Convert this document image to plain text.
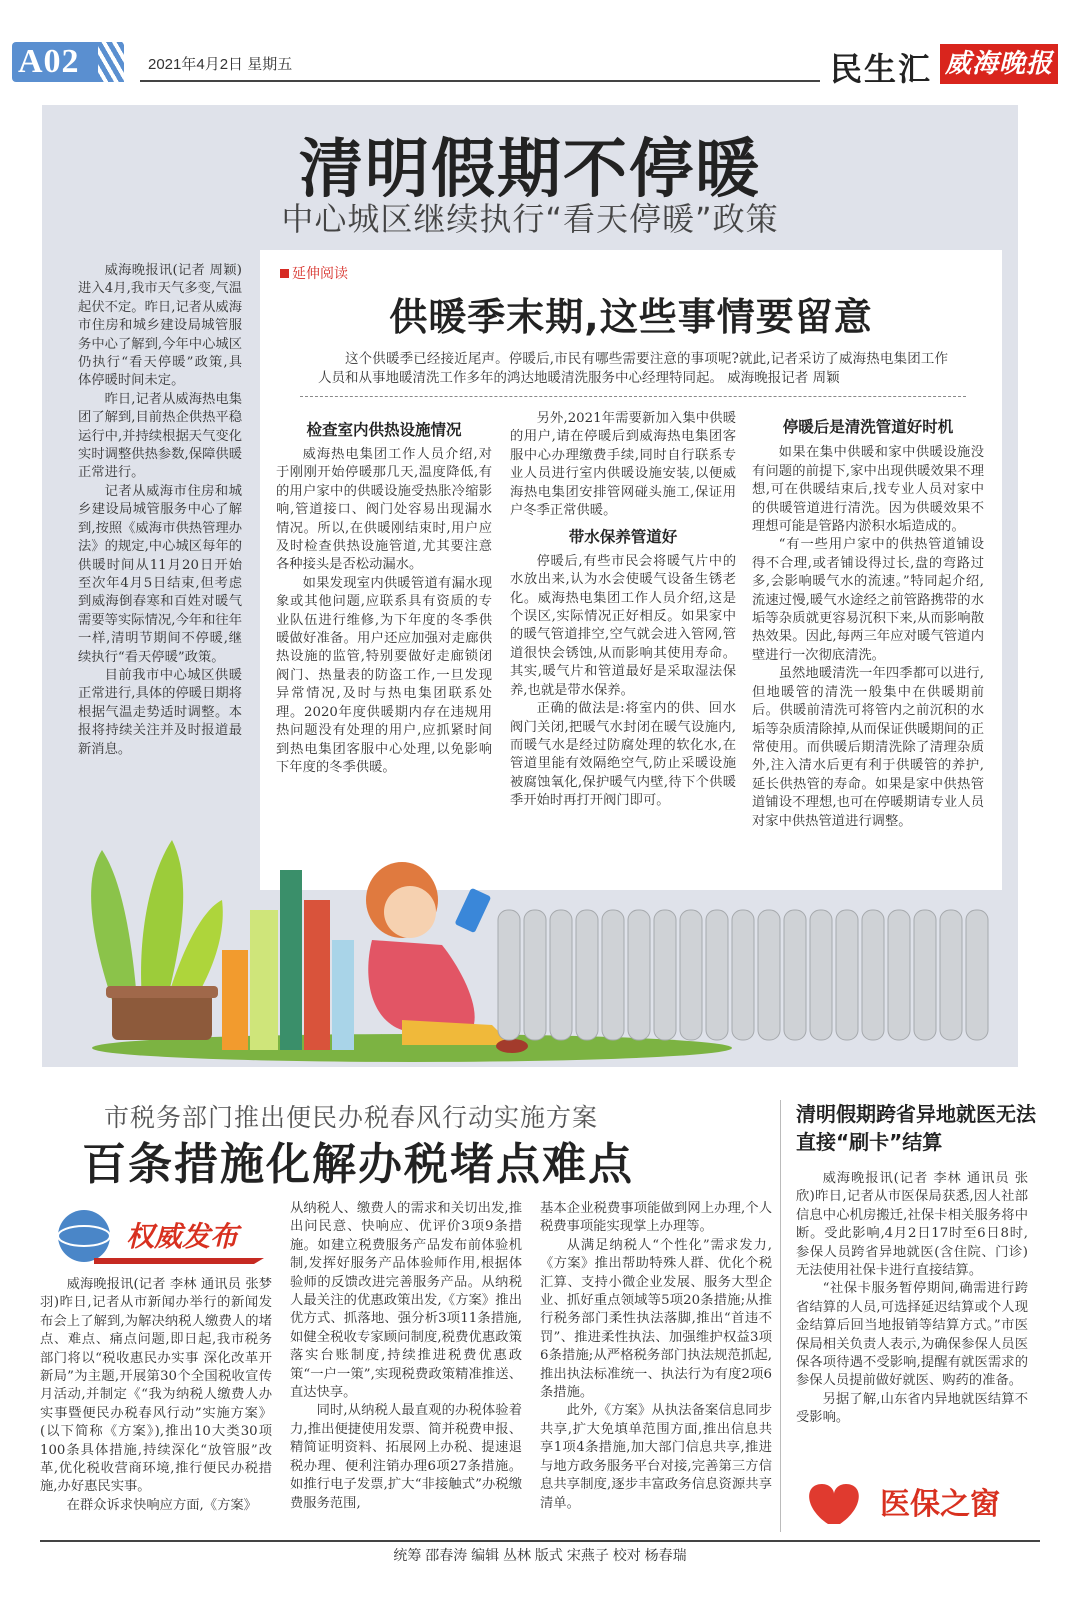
A02	2021年4月2日 星期五	民生汇 威海晚报
清明假期不停暖
中心城区继续执行“看天停暖”政策

威海晚报讯(记者 周颖)进入4月,我市天气多变,气温起伏不定。昨日,记者从威海市住房和城乡建设局城管服务中心了解到,今年中心城区仍执行“看天停暖”政策,具体停暖时间未定。

昨日,记者从威海热电集团了解到,目前热企供热平稳运行中,并持续根据天气变化实时调整供热参数,保障供暖正常进行。

记者从威海市住房和城乡建设局城管服务中心了解到,按照《威海市供热管理办法》的规定,中心城区每年的供暖时间从11月20日开始至次年4月5日结束,但考虑到威海倒春寒和百姓对暖气需要等实际情况,今年和往年一样,清明节期间不停暖,继续执行“看天停暖”政策。

目前我市中心城区供暖正常进行,具体的停暖日期将根据气温走势适时调整。本报将持续关注并及时报道最新消息。

延伸阅读
供暖季末期,这些事情要留意
这个供暖季已经接近尾声。停暖后,市民有哪些需要注意的事项呢?就此,记者采访了威海热电集团工作人员和从事地暖清洗工作多年的鸿达地暖清洗服务中心经理特同起。 威海晚报记者 周颖
检查室内供热设施情况

威海热电集团工作人员介绍,对于刚刚开始停暖那几天,温度降低,有的用户家中的供暖设施受热胀冷缩影响,管道接口、阀门处容易出现漏水情况。所以,在供暖刚结束时,用户应及时检查供热设施管道,尤其要注意各种接头是否松动漏水。

如果发现室内供暖管道有漏水现象或其他问题,应联系具有资质的专业队伍进行维修,为下年度的冬季供暖做好准备。用户还应加强对走廊供热设施的监管,特别要做好走廊锁闭阀门、热量表的防盗工作,一旦发现异常情况,及时与热电集团联系处理。2020年度供暖期内存在违规用热问题没有处理的用户,应抓紧时间到热电集团客服中心处理,以免影响下年度的冬季供暖。

另外,2021年需要新加入集中供暖的用户,请在停暖后到威海热电集团客服中心办理缴费手续,同时自行联系专业人员进行室内供暖设施安装,以便威海热电集团安排管网碰头施工,保证用户冬季正常供暖。

带水保养管道好

停暖后,有些市民会将暖气片中的水放出来,认为水会使暖气设备生锈老化。威海热电集团工作人员介绍,这是个误区,实际情况正好相反。如果家中的暖气管道排空,空气就会进入管网,管道很快会锈蚀,从而影响其使用寿命。其实,暖气片和管道最好是采取湿法保养,也就是带水保养。

正确的做法是:将室内的供、回水阀门关闭,把暖气水封闭在暖气设施内,而暖气水是经过防腐处理的软化水,在管道里能有效隔绝空气,防止采暖设施被腐蚀氧化,保护暖气内壁,待下个供暖季开始时再打开阀门即可。

停暖后是清洗管道好时机

如果在集中供暖和家中供暖设施没有问题的前提下,家中出现供暖效果不理想,可在供暖结束后,找专业人员对家中的供暖管道进行清洗。因为供暖效果不理想可能是管路内淤积水垢造成的。

“有一些用户家中的供热管道铺设得不合理,或者铺设得过长,盘的弯路过多,会影响暖气水的流速。”特同起介绍,流速过慢,暖气水途经之前管路携带的水垢等杂质就更容易沉积下来,从而影响散热效果。因此,每两三年应对暖气管道内壁进行一次彻底清洗。

虽然地暖清洗一年四季都可以进行,但地暖管的清洗一般集中在供暖期前后。供暖前清洗可将管内之前沉积的水垢等杂质清除掉,从而保证供暖期间的正常使用。而供暖后期清洗除了清理杂质外,注入清水后更有利于供暖管的养护,延长供热管的寿命。如果是家中供热管道铺设不理想,也可在停暖期请专业人员对家中供热管道进行调整。

市税务部门推出便民办税春风行动实施方案
百条措施化解办税堵点难点
权威发布

威海晚报讯(记者 李林 通讯员 张梦羽)昨日,记者从市新闻办举行的新闻发布会上了解到,为解决纳税人缴费人的堵点、难点、痛点问题,即日起,我市税务部门将以“税收惠民办实事 深化改革开新局”为主题,开展第30个全国税收宣传月活动,并制定《“我为纳税人缴费人办实事暨便民办税春风行动”实施方案》(以下简称《方案》),推出10大类30项100条具体措施,持续深化“放管服”改革,优化税收营商环境,推行便民办税措施,办好惠民实事。

在群众诉求快响应方面,《方案》

从纳税人、缴费人的需求和关切出发,推出问民意、快响应、优评价3项9条措施。如建立税费服务产品发布前体验机制,发挥好服务产品体验师作用,根据体验师的反馈改进完善服务产品。从纳税人最关注的优惠政策出发,《方案》推出优方式、抓落地、强分析3项11条措施,如健全税收专家顾问制度,税费优惠政策落实台账制度,持续推进税费优惠政策“一户一策”,实现税费政策精准推送、直达快享。

同时,从纳税人最直观的办税体验着力,推出便捷使用发票、简并税费申报、精简证明资料、拓展网上办税、提速退税办理、便利注销办理6项27条措施。如推行电子发票,扩大“非接触式”办税缴费服务范围,

基本企业税费事项能做到网上办理,个人税费事项能实现掌上办理等。

从满足纳税人“个性化”需求发力,《方案》推出帮助特殊人群、优化个税汇算、支持小微企业发展、服务大型企业、抓好重点领域等5项20条措施;从推行税务部门柔性执法落脚,推出“首违不罚”、推进柔性执法、加强维护权益3项6条措施;从严格税务部门执法规范抓起,推出执法标准统一、执法行为有度2项6条措施。

此外,《方案》从执法备案信息同步共享,扩大免填单范围方面,推出信息共享1项4条措施,加大部门信息共享,推进与地方政务服务平台对接,完善第三方信息共享制度,逐步丰富政务信息资源共享清单。

清明假期跨省异地就医无法直接“刷卡”结算

威海晚报讯(记者 李林 通讯员 张欣)昨日,记者从市医保局获悉,因人社部信息中心机房搬迁,社保卡相关服务将中断。受此影响,4月2日17时至6日8时,参保人员跨省异地就医(含住院、门诊)无法使用社保卡进行直接结算。

“社保卡服务暂停期间,确需进行跨省结算的人员,可选择延迟结算或个人现金结算后回当地报销等结算方式。”市医保局相关负责人表示,为确保参保人员医保各项待遇不受影响,提醒有就医需求的参保人员提前做好就医、购药的准备。

另据了解,山东省内异地就医结算不受影响。

医保之窗
统筹 邵春涛 编辑 丛林 版式 宋燕子 校对 杨春瑞
